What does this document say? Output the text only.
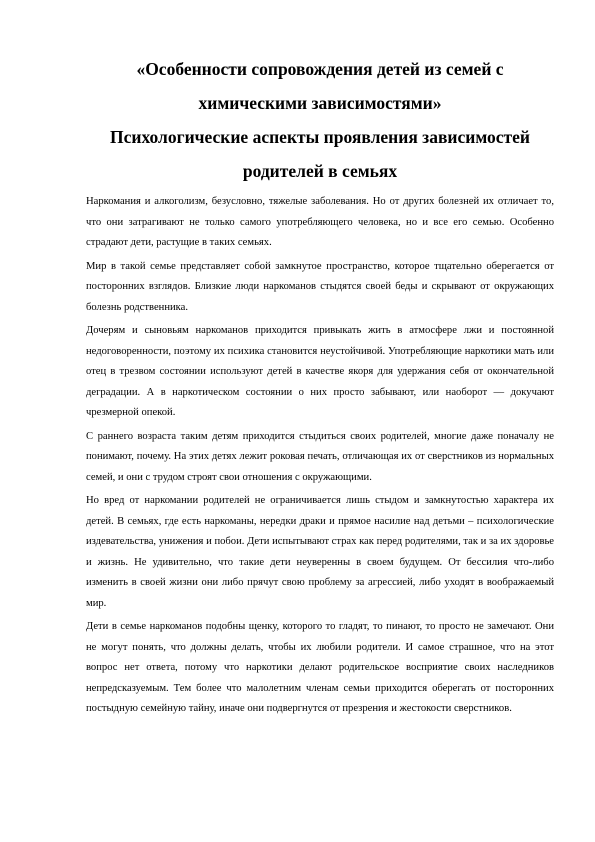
«Особенности сопровождения детей из семей с химическими зависимостями»
Психологические аспекты проявления зависимостей родителей в семьях

Наркомания и алкоголизм, безусловно, тяжелые заболевания. Но от других болезней их отличает то, что они затрагивают не только самого употребляющего человека, но и все его семью. Особенно страдают дети, растущие в таких семьях.

Мир в такой семье представляет собой замкнутое пространство, которое тщательно оберегается от посторонних взглядов. Близкие люди наркоманов стыдятся своей беды и скрывают от окружающих болезнь родственника.

Дочерям и сыновьям наркоманов приходится привыкать жить в атмосфере лжи и постоянной недоговоренности, поэтому их психика становится неустойчивой. Употребляющие наркотики мать или отец в трезвом состоянии используют детей в качестве якоря для удержания себя от окончательной деградации. А в наркотическом состоянии о них просто забывают, или наоборот — докучают чрезмерной опекой.

С раннего возраста таким детям приходится стыдиться своих родителей, многие даже поначалу не понимают, почему. На этих детях лежит роковая печать, отличающая их от сверстников из нормальных семей, и они с трудом строят свои отношения с окружающими.

Но вред от наркомании родителей не ограничивается лишь стыдом и замкнутостью характера их детей. В семьях, где есть наркоманы, нередки драки и прямое насилие над детьми – психологические издевательства, унижения и побои. Дети испытывают страх как перед родителями, так и за их здоровье и жизнь. Не удивительно, что такие дети неуверенны в своем будущем. От бессилия что-либо изменить в своей жизни они либо прячут свою проблему за агрессией, либо уходят в воображаемый мир.

Дети в семье наркоманов подобны щенку, которого то гладят, то пинают, то просто не замечают. Они не могут понять, что должны делать, чтобы их любили родители. И самое страшное, что на этот вопрос нет ответа, потому что наркотики делают родительское восприятие своих наследников непредсказуемым. Тем более что малолетним членам семьи приходится оберегать от посторонних постыдную семейную тайну, иначе они подвергнутся от презрения и жестокости сверстников.
